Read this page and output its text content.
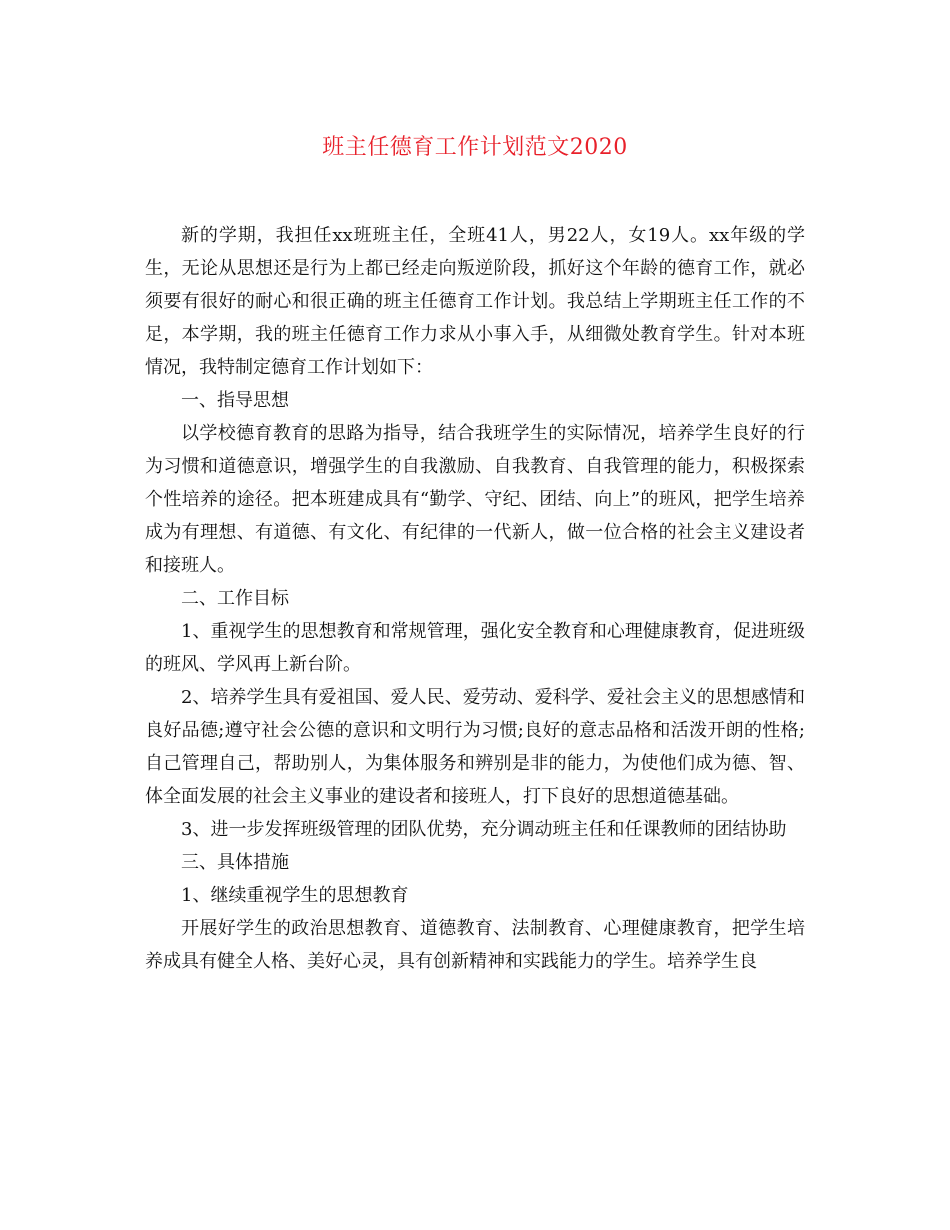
班主任德育工作计划范文2020

新的学期，我担任xx班班主任，全班41人，男22人，女19人。xx年级的学生，无论从思想还是行为上都已经走向叛逆阶段，抓好这个年龄的德育工作，就必须要有很好的耐心和很正确的班主任德育工作计划。我总结上学期班主任工作的不足，本学期，我的班主任德育工作力求从小事入手，从细微处教育学生。针对本班情况，我特制定德育工作计划如下：

一、指导思想

以学校德育教育的思路为指导，结合我班学生的实际情况，培养学生良好的行为习惯和道德意识，增强学生的自我激励、自我教育、自我管理的能力，积极探索个性培养的途径。把本班建成具有“勤学、守纪、团结、向上”的班风，把学生培养成为有理想、有道德、有文化、有纪律的一代新人，做一位合格的社会主义建设者和接班人。

二、工作目标

1、重视学生的思想教育和常规管理，强化安全教育和心理健康教育，促进班级的班风、学风再上新台阶。

2、培养学生具有爱祖国、爱人民、爱劳动、爱科学、爱社会主义的思想感情和良好品德;遵守社会公德的意识和文明行为习惯;良好的意志品格和活泼开朗的性格;自己管理自己，帮助别人，为集体服务和辨别是非的能力，为使他们成为德、智、体全面发展的社会主义事业的建设者和接班人，打下良好的思想道德基础。

3、进一步发挥班级管理的团队优势，充分调动班主任和任课教师的团结协助

三、具体措施

1、继续重视学生的思想教育

开展好学生的政治思想教育、道德教育、法制教育、心理健康教育，把学生培养成具有健全人格、美好心灵，具有创新精神和实践能力的学生。培养学生良
